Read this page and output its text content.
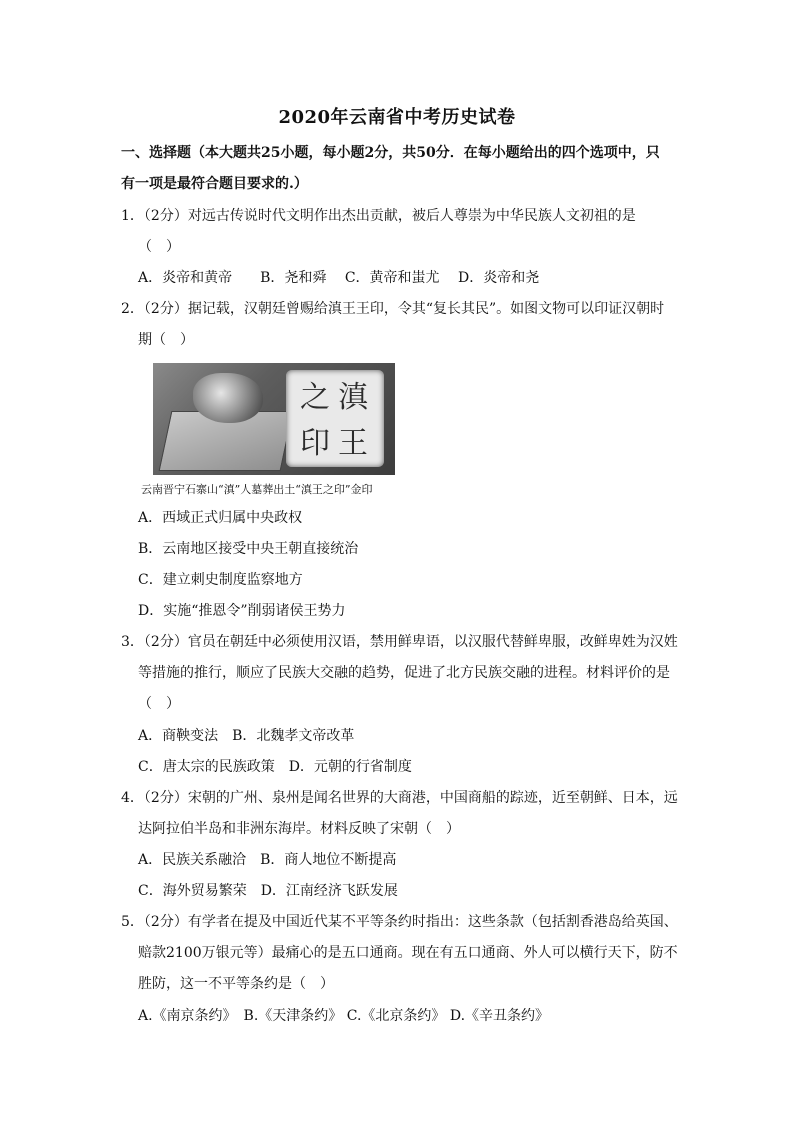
2020年云南省中考历史试卷
一、选择题（本大题共25小题，每小题2分，共50分．在每小题给出的四个选项中，只
有一项是最符合题目要求的.）
1．（2分）对远古传说时代文明作出杰出贡献，被后人尊崇为中华民族人文初祖的是
（　）
A．炎帝和黄帝　　B．尧和舜　 C．黄帝和蚩尤　 D．炎帝和尧
2．（2分）据记载，汉朝廷曾赐给滇王王印，令其“复长其民”。如图文物可以印证汉朝时
期（　）
滇
王
之
印
云南晋宁石寨山“滇”人墓葬出土“滇王之印”金印
A．西域正式归属中央政权
B．云南地区接受中央王朝直接统治
C．建立刺史制度监察地方
D．实施“推恩令”削弱诸侯王势力
3．（2分）官员在朝廷中必须使用汉语，禁用鲜卑语，以汉服代替鲜卑服，改鲜卑姓为汉姓
等措施的推行，顺应了民族大交融的趋势，促进了北方民族交融的进程。材料评价的是
（　）
A．商鞅变法　B．北魏孝文帝改革
C．唐太宗的民族政策　D．元朝的行省制度
4．（2分）宋朝的广州、泉州是闻名世界的大商港，中国商船的踪迹，近至朝鲜、日本，远
达阿拉伯半岛和非洲东海岸。材料反映了宋朝（　）
A．民族关系融洽　B．商人地位不断提高
C．海外贸易繁荣　D．江南经济飞跃发展
5．（2分）有学者在提及中国近代某不平等条约时指出：这些条款（包括割香港岛给英国、
赔款2100万银元等）最痛心的是五口通商。现在有五口通商、外人可以横行天下，防不
胜防，这一不平等条约是（　）
A.《南京条约》　B.《天津条约》 C.《北京条约》 D.《辛丑条约》
